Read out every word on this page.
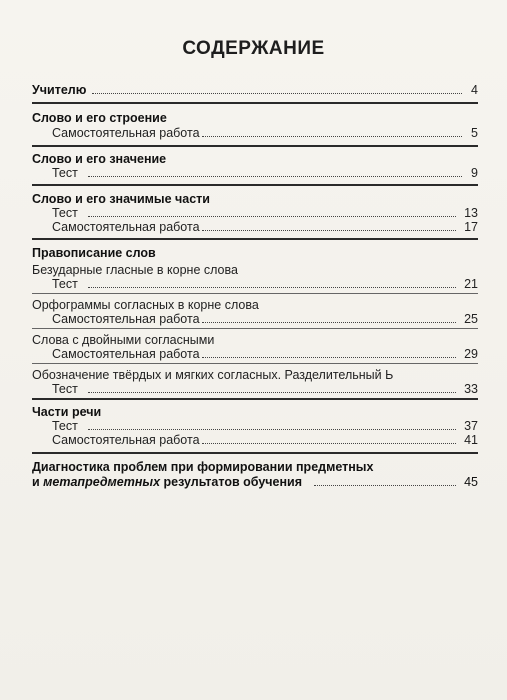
СОДЕРЖАНИЕ
Учителю	4
Слово и его строение
Самостоятельная работа	5
Слово и его значение
Тест	9
Слово и его значимые части
Тест	13
Самостоятельная работа	17
Правописание слов
Безударные гласные в корне слова
Тест	21
Орфограммы согласных в корне слова
Самостоятельная работа	25
Слова с двойными согласными
Самостоятельная работа	29
Обозначение твёрдых и мягких согласных. Разделительный Ь
Тест	33
Части речи
Тест	37
Самостоятельная работа	41
Диагностика проблем при формировании предметных
и метапредметных результатов обучения	45
